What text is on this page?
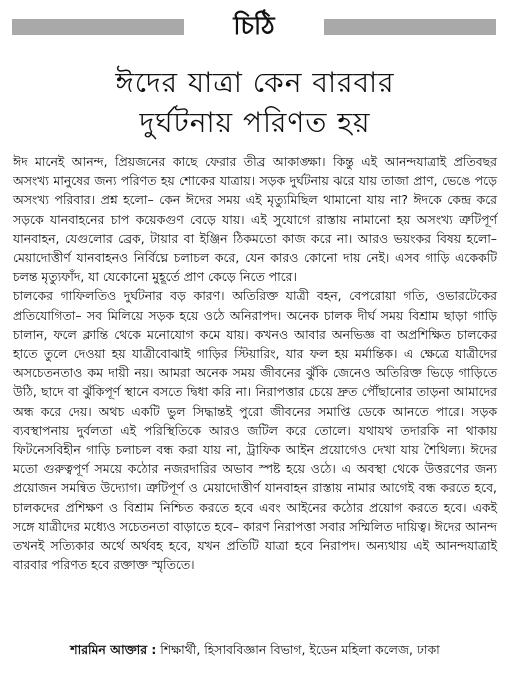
চিঠি
ঈদের যাত্রা কেন বারবার
দুর্ঘটনায় পরিণত হয়

ঈদ মানেই আনন্দ, প্রিয়জনের কাছে ফেরার তীব্র আকাঙ্ক্ষা। কিন্তু এই আনন্দযাত্রাই প্রতিবছর অসংখ্য মানুষের জন্য পরিণত হয় শোকের যাত্রায়। সড়ক দুর্ঘটনায় ঝরে যায় তাজা প্রাণ, ভেঙে পড়ে অসংখ্য পরিবার। প্রশ্ন হলো– কেন ঈদের সময় এই মৃত্যুমিছিল থামানো যায় না? ঈদকে কেন্দ্র করে সড়কে যানবাহনের চাপ কয়েকগুণ বেড়ে যায়। এই সুযোগে রাস্তায় নামানো হয় অসংখ্য ত্রুটিপূর্ণ যানবাহন, যেগুলোর ব্রেক, টায়ার বা ইঞ্জিন ঠিকমতো কাজ করে না। আরও ভয়ংকর বিষয় হলো– মেয়াদোত্তীর্ণ যানবাহনও নির্বিঘ্নে চলাচল করে, যেন কারও কোনো দায় নেই। এসব গাড়ি একেকটি চলন্ত মৃত্যুফাঁদ, যা যেকোনো মুহূর্তে প্রাণ কেড়ে নিতে পারে।

চালকের গাফিলতিও দুর্ঘটনার বড় কারণ। অতিরিক্ত যাত্রী বহন, বেপরোয়া গতি, ওভারটেকের প্রতিযোগিতা– সব মিলিয়ে সড়ক হয়ে ওঠে অনিরাপদ। অনেক চালক দীর্ঘ সময় বিশ্রাম ছাড়া গাড়ি চালান, ফলে ক্লান্তি থেকে মনোযোগ কমে যায়। কখনও আবার অনভিজ্ঞ বা অপ্রশিক্ষিত চালকের হাতে তুলে দেওয়া হয় যাত্রীবোঝাই গাড়ির স্টিয়ারিং, যার ফল হয় মর্মান্তিক। এ ক্ষেত্রে যাত্রীদের অসচেতনতাও কম দায়ী নয়। আমরা অনেক সময় জীবনের ঝুঁকি জেনেও অতিরিক্ত ভিড়ে গাড়িতে উঠি, ছাদে বা ঝুঁকিপূর্ণ স্থানে বসতে দ্বিধা করি না। নিরাপত্তার চেয়ে দ্রুত পৌঁছানোর তাড়না আমাদের অন্ধ করে দেয়। অথচ একটি ভুল সিদ্ধান্তই পুরো জীবনের সমাপ্তি ডেকে আনতে পারে। সড়ক ব্যবস্থাপনায় দুর্বলতা এই পরিস্থিতিকে আরও জটিল করে তোলে। যথাযথ তদারকি না থাকায় ফিটনেসবিহীন গাড়ি চলাচল বন্ধ করা যায় না, ট্রাফিক আইন প্রয়োগেও দেখা যায় শৈথিল্য। ঈদের মতো গুরুত্বপূর্ণ সময়ে কঠোর নজরদারির অভাব স্পষ্ট হয়ে ওঠে। এ অবস্থা থেকে উত্তরণের জন্য প্রয়োজন সমন্বিত উদ্যোগ। ত্রুটিপূর্ণ ও মেয়াদোত্তীর্ণ যানবাহন রাস্তায় নামার আগেই বন্ধ করতে হবে, চালকদের প্রশিক্ষণ ও বিশ্রাম নিশ্চিত করতে হবে এবং আইনের কঠোর প্রয়োগ করতে হবে। একই সঙ্গে যাত্রীদের মধ্যেও সচেতনতা বাড়াতে হবে– কারণ নিরাপত্তা সবার সম্মিলিত দায়িত্ব। ঈদের আনন্দ তখনই সত্যিকার অর্থে অর্থবহ হবে, যখন প্রতিটি যাত্রা হবে নিরাপদ। অন্যথায় এই আনন্দযাত্রাই বারবার পরিণত হবে রক্তাক্ত স্মৃতিতে।

শারমিন আক্তার : শিক্ষার্থী, হিসাববিজ্ঞান বিভাগ, ইডেন মহিলা কলেজ, ঢাকা
